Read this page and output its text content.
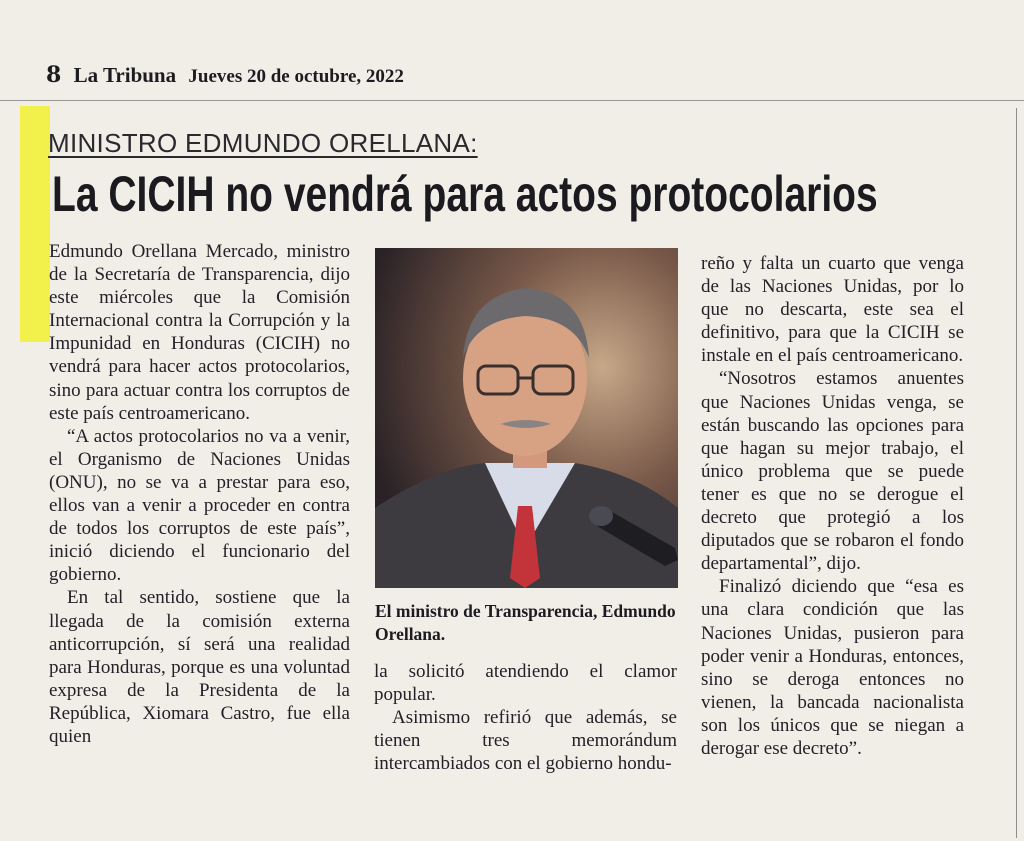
8 La Tribuna Jueves 20 de octubre, 2022
MINISTRO EDMUNDO ORELLANA:
La CICIH no vendrá para actos protocolarios

Edmundo Orellana Mercado, ministro de la Secretaría de Transparencia, dijo este miércoles que la Comisión Internacional contra la Corrupción y la Impunidad en Honduras (CICIH) no vendrá para hacer actos protocolarios, sino para actuar contra los corruptos de este país centroamericano.

“A actos protocolarios no va a venir, el Organismo de Naciones Unidas (ONU), no se va a prestar para eso, ellos van a venir a proceder en contra de todos los corruptos de este país”, inició diciendo el funcionario del gobierno.

En tal sentido, sostiene que la llegada de la comisión externa anticorrupción, sí será una realidad para Honduras, porque es una voluntad expresa de la Presidenta de la República, Xiomara Castro, fue ella quien

El ministro de Transparencia, Edmundo Orellana.

la solicitó atendiendo el clamor popular.

Asimismo refirió que además, se tienen tres memorándum intercambiados con el gobierno hondu-

reño y falta un cuarto que venga de las Naciones Unidas, por lo que no descarta, este sea el definitivo, para que la CICIH se instale en el país centroamericano.

“Nosotros estamos anuentes que Naciones Unidas venga, se están buscando las opciones para que hagan su mejor trabajo, el único problema que se puede tener es que no se derogue el decreto que protegió a los diputados que se robaron el fondo departamental”, dijo.

Finalizó diciendo que “esa es una clara condición que las Naciones Unidas, pusieron para poder venir a Honduras, entonces, sino se deroga entonces no vienen, la bancada nacionalista son los únicos que se niegan a derogar ese decreto”.
